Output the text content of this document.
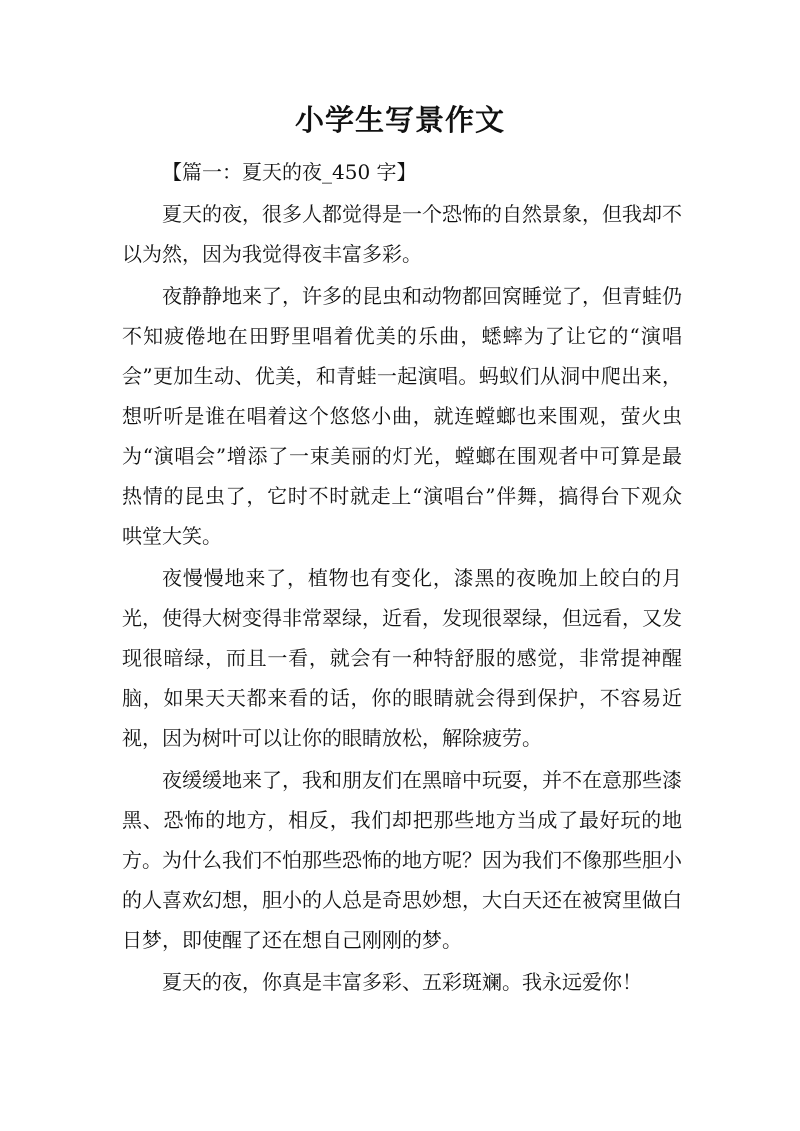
小学生写景作文

【篇一：夏天的夜_450 字】

夏天的夜，很多人都觉得是一个恐怖的自然景象，但我却不以为然，因为我觉得夜丰富多彩。

夜静静地来了，许多的昆虫和动物都回窝睡觉了，但青蛙仍不知疲倦地在田野里唱着优美的乐曲，蟋蟀为了让它的“演唱会”更加生动、优美，和青蛙一起演唱。蚂蚁们从洞中爬出来，想听听是谁在唱着这个悠悠小曲，就连螳螂也来围观，萤火虫为“演唱会”增添了一束美丽的灯光，螳螂在围观者中可算是最热情的昆虫了，它时不时就走上“演唱台”伴舞，搞得台下观众哄堂大笑。

夜慢慢地来了，植物也有变化，漆黑的夜晚加上皎白的月光，使得大树变得非常翠绿，近看，发现很翠绿，但远看，又发现很暗绿，而且一看，就会有一种特舒服的感觉，非常提神醒脑，如果天天都来看的话，你的眼睛就会得到保护，不容易近视，因为树叶可以让你的眼睛放松，解除疲劳。

夜缓缓地来了，我和朋友们在黑暗中玩耍，并不在意那些漆黑、恐怖的地方，相反，我们却把那些地方当成了最好玩的地方。为什么我们不怕那些恐怖的地方呢？因为我们不像那些胆小的人喜欢幻想，胆小的人总是奇思妙想，大白天还在被窝里做白日梦，即使醒了还在想自己刚刚的梦。

夏天的夜，你真是丰富多彩、五彩斑斓。我永远爱你！
